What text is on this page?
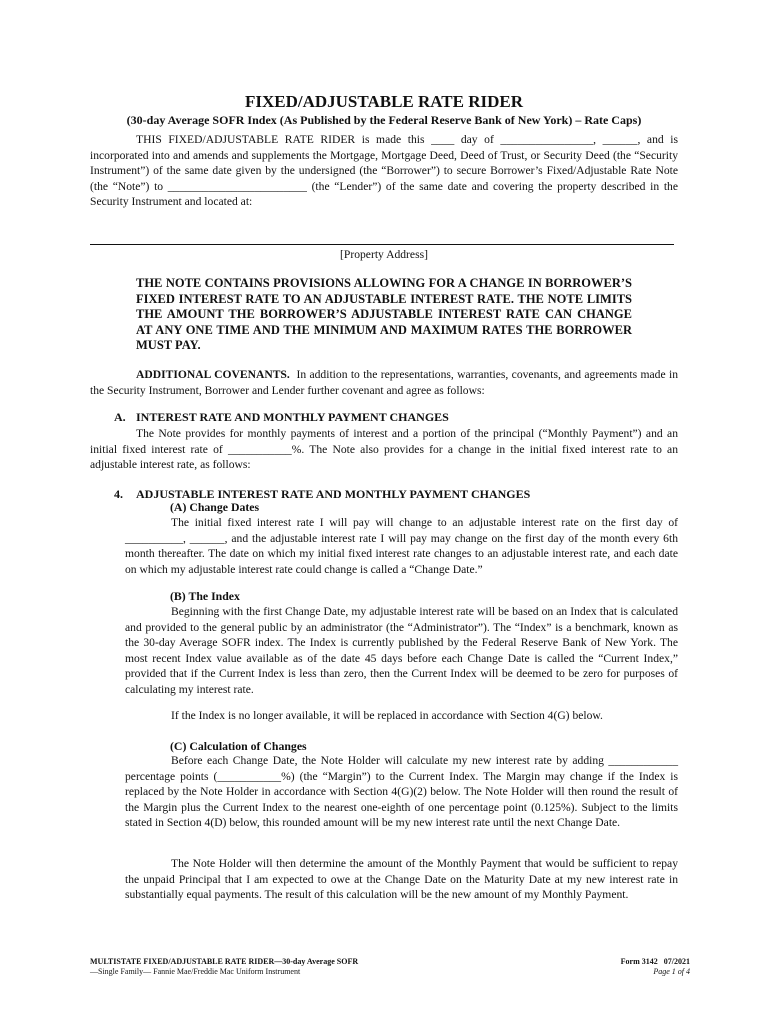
FIXED/ADJUSTABLE RATE RIDER
(30-day Average SOFR Index (As Published by the Federal Reserve Bank of New York) – Rate Caps)
THIS FIXED/ADJUSTABLE RATE RIDER is made this ____ day of ________________, ______, and is incorporated into and amends and supplements the Mortgage, Mortgage Deed, Deed of Trust, or Security Deed (the “Security Instrument”) of the same date given by the undersigned (the “Borrower”) to secure Borrower’s Fixed/Adjustable Rate Note (the “Note”) to ________________________ (the “Lender”) of the same date and covering the property described in the Security Instrument and located at:
[Property Address]
THE NOTE CONTAINS PROVISIONS ALLOWING FOR A CHANGE IN BORROWER’S FIXED INTEREST RATE TO AN ADJUSTABLE INTEREST RATE. THE NOTE LIMITS THE AMOUNT THE BORROWER’S ADJUSTABLE INTEREST RATE CAN CHANGE AT ANY ONE TIME AND THE MINIMUM AND MAXIMUM RATES THE BORROWER MUST PAY.
ADDITIONAL COVENANTS. In addition to the representations, warranties, covenants, and agreements made in the Security Instrument, Borrower and Lender further covenant and agree as follows:
A. INTEREST RATE AND MONTHLY PAYMENT CHANGES
The Note provides for monthly payments of interest and a portion of the principal (“Monthly Payment”) and an initial fixed interest rate of ___________%. The Note also provides for a change in the initial fixed interest rate to an adjustable interest rate, as follows:
4. ADJUSTABLE INTEREST RATE AND MONTHLY PAYMENT CHANGES
(A) Change Dates
The initial fixed interest rate I will pay will change to an adjustable interest rate on the first day of __________, ______, and the adjustable interest rate I will pay may change on the first day of the month every 6th month thereafter. The date on which my initial fixed interest rate changes to an adjustable interest rate, and each date on which my adjustable interest rate could change is called a “Change Date.”
(B) The Index
Beginning with the first Change Date, my adjustable interest rate will be based on an Index that is calculated and provided to the general public by an administrator (the “Administrator”). The “Index” is a benchmark, known as the 30-day Average SOFR index. The Index is currently published by the Federal Reserve Bank of New York. The most recent Index value available as of the date 45 days before each Change Date is called the “Current Index,” provided that if the Current Index is less than zero, then the Current Index will be deemed to be zero for purposes of calculating my interest rate.
If the Index is no longer available, it will be replaced in accordance with Section 4(G) below.
(C) Calculation of Changes
Before each Change Date, the Note Holder will calculate my new interest rate by adding ____________ percentage points (___________%) (the “Margin”) to the Current Index. The Margin may change if the Index is replaced by the Note Holder in accordance with Section 4(G)(2) below. The Note Holder will then round the result of the Margin plus the Current Index to the nearest one-eighth of one percentage point (0.125%). Subject to the limits stated in Section 4(D) below, this rounded amount will be my new interest rate until the next Change Date.
The Note Holder will then determine the amount of the Monthly Payment that would be sufficient to repay the unpaid Principal that I am expected to owe at the Change Date on the Maturity Date at my new interest rate in substantially equal payments. The result of this calculation will be the new amount of my Monthly Payment.
MULTISTATE FIXED/ADJUSTABLE RATE RIDER—30-day Average SOFR
—Single Family— Fannie Mae/Freddie Mac Uniform Instrument
Form 3142   07/2021
Page 1 of 4
